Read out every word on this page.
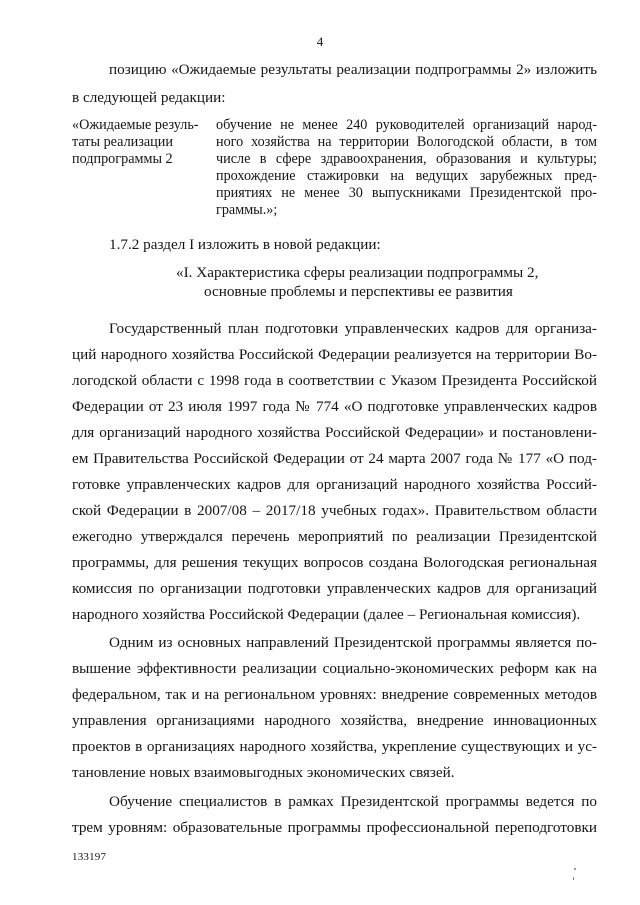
4
позицию «Ожидаемые результаты реализации подпрограммы 2» изложить
в следующей редакции:
«Ожидаемые резуль-
таты реализации
подпрограммы 2
обучение не менее 240 руководителей организаций народ-
ного хозяйства на территории Вологодской области, в том
числе в сфере здравоохранения, образования и культуры;
прохождение стажировки на ведущих зарубежных пред-
приятиях не менее 30 выпускниками Президентской про-
граммы.»;
1.7.2 раздел I изложить в новой редакции:
«I. Характеристика сферы реализации подпрограммы 2,
основные проблемы и перспективы ее развития
Государственный план подготовки управленческих кадров для организа-
ций народного хозяйства Российской Федерации реализуется на территории Во-
логодской области с 1998 года в соответствии с Указом Президента Российской
Федерации от 23 июля 1997 года № 774 «О подготовке управленческих кадров
для организаций народного хозяйства Российской Федерации» и постановлени-
ем Правительства Российской Федерации от 24 марта 2007 года № 177 «О под-
готовке управленческих кадров для организаций народного хозяйства Россий-
ской Федерации в 2007/08 – 2017/18 учебных годах». Правительством области
ежегодно утверждался перечень мероприятий по реализации Президентской
программы, для решения текущих вопросов создана Вологодская региональная
комиссия по организации подготовки управленческих кадров для организаций
народного хозяйства Российской Федерации (далее – Региональная комиссия).
Одним из основных направлений Президентской программы является по-
вышение эффективности реализации социально-экономических реформ как на
федеральном, так и на региональном уровнях: внедрение современных методов
управления организациями народного хозяйства, внедрение инновационных
проектов в организациях народного хозяйства, укрепление существующих и ус-
тановление новых взаимовыгодных экономических связей.
Обучение специалистов в рамках Президентской программы ведется по
трем уровням: образовательные программы профессиональной переподготовки
133197
